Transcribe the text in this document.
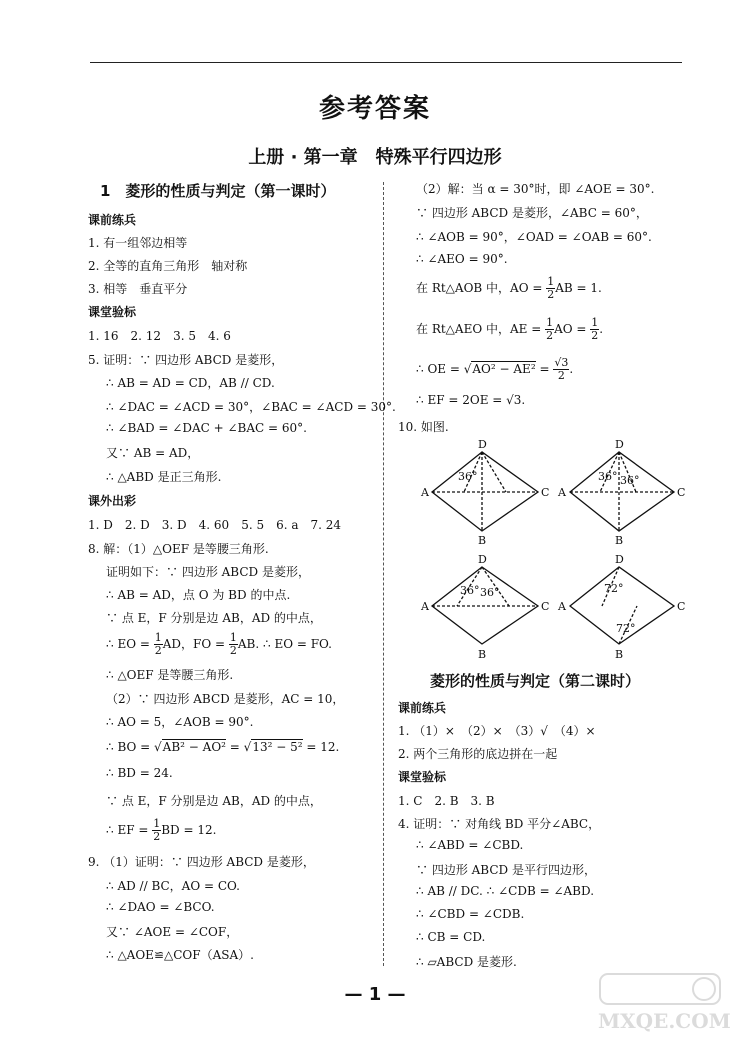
参考答案
上册 · 第一章　特殊平行四边形
1　菱形的性质与判定（第一课时）
课前练兵
1. 有一组邻边相等
2. 全等的直角三角形　轴对称
3. 相等　垂直平分
课堂验标
1. 16　2. 12　3. 5　4. 6
5. 证明：∵ 四边形 ABCD 是菱形，
∴ AB = AD = CD，AB // CD.
∴ ∠DAC = ∠ACD = 30°，∠BAC = ∠ACD = 30°.
∴ ∠BAD = ∠DAC + ∠BAC = 60°.
又∵ AB = AD，
∴ △ABD 是正三角形.
课外出彩
1. D　2. D　3. D　4. 60　5. 5　6. a　7. 24
8. 解：（1）△OEF 是等腰三角形.
证明如下：∵ 四边形 ABCD 是菱形，
∴ AB = AD，点 O 为 BD 的中点.
∵ 点 E，F 分别是边 AB，AD 的中点，
∴ EO = $\frac{1}{2}$ AD，FO = $\frac{1}{2}$ AB. ∴ EO = FO.
∴ △OEF 是等腰三角形.
（2）∵ 四边形 ABCD 是菱形，AC = 10，
∴ AO = 5，∠AOB = 90°.
∴ BO = √AB² − AO² = √13² − 5² = 12.
∴ BD = 24.
∵ 点 E，F 分别是边 AB，AD 的中点，
∴ EF = $\frac{1}{2}$ BD = 12.
9. （1）证明：∵ 四边形 ABCD 是菱形，
∴ AD // BC，AO = CO.
∴ ∠DAO = ∠BCO.
又∵ ∠AOE = ∠COF，
∴ △AOE≌△COF（ASA）.
（2）解：当 α = 30°时，即 ∠AOE = 30°.
∵ 四边形 ABCD 是菱形，∠ABC = 60°，
∴ ∠AOB = 90°，∠OAD = ∠OAB = 60°.
∴ ∠AEO = 90°.
在 Rt△AOB 中，AO = $\frac{1}{2}$ AB = 1.
在 Rt△AEO 中，AE = $\frac{1}{2}$ AO = $\frac{1}{2}$ .
∴ OE = $√AO^2 - AE^2 = \frac{√3}{2}$ .
∴ EF = 2OE = √3.
10. 如图.
D
A	C
B
36°
D
A	C
B
36° 36°
D
A	C
B
36° 36°
D
A	C
B
72°
72°
菱形的性质与判定（第二课时）
课前练兵
1. （1）×　（2）×　（3）√　（4）×
2. 两个三角形的底边拼在一起
课堂验标
1. C　2. B　3. B
4. 证明：∵ 对角线 BD 平分∠ABC，
∴ ∠ABD = ∠CBD.
∵ 四边形 ABCD 是平行四边形，
∴ AB // DC. ∴ ∠CDB = ∠ABD.
∴ ∠CBD = ∠CDB.
∴ CB = CD.
∴ ▱ABCD 是菱形.
— 1 —
MXQE.COM
